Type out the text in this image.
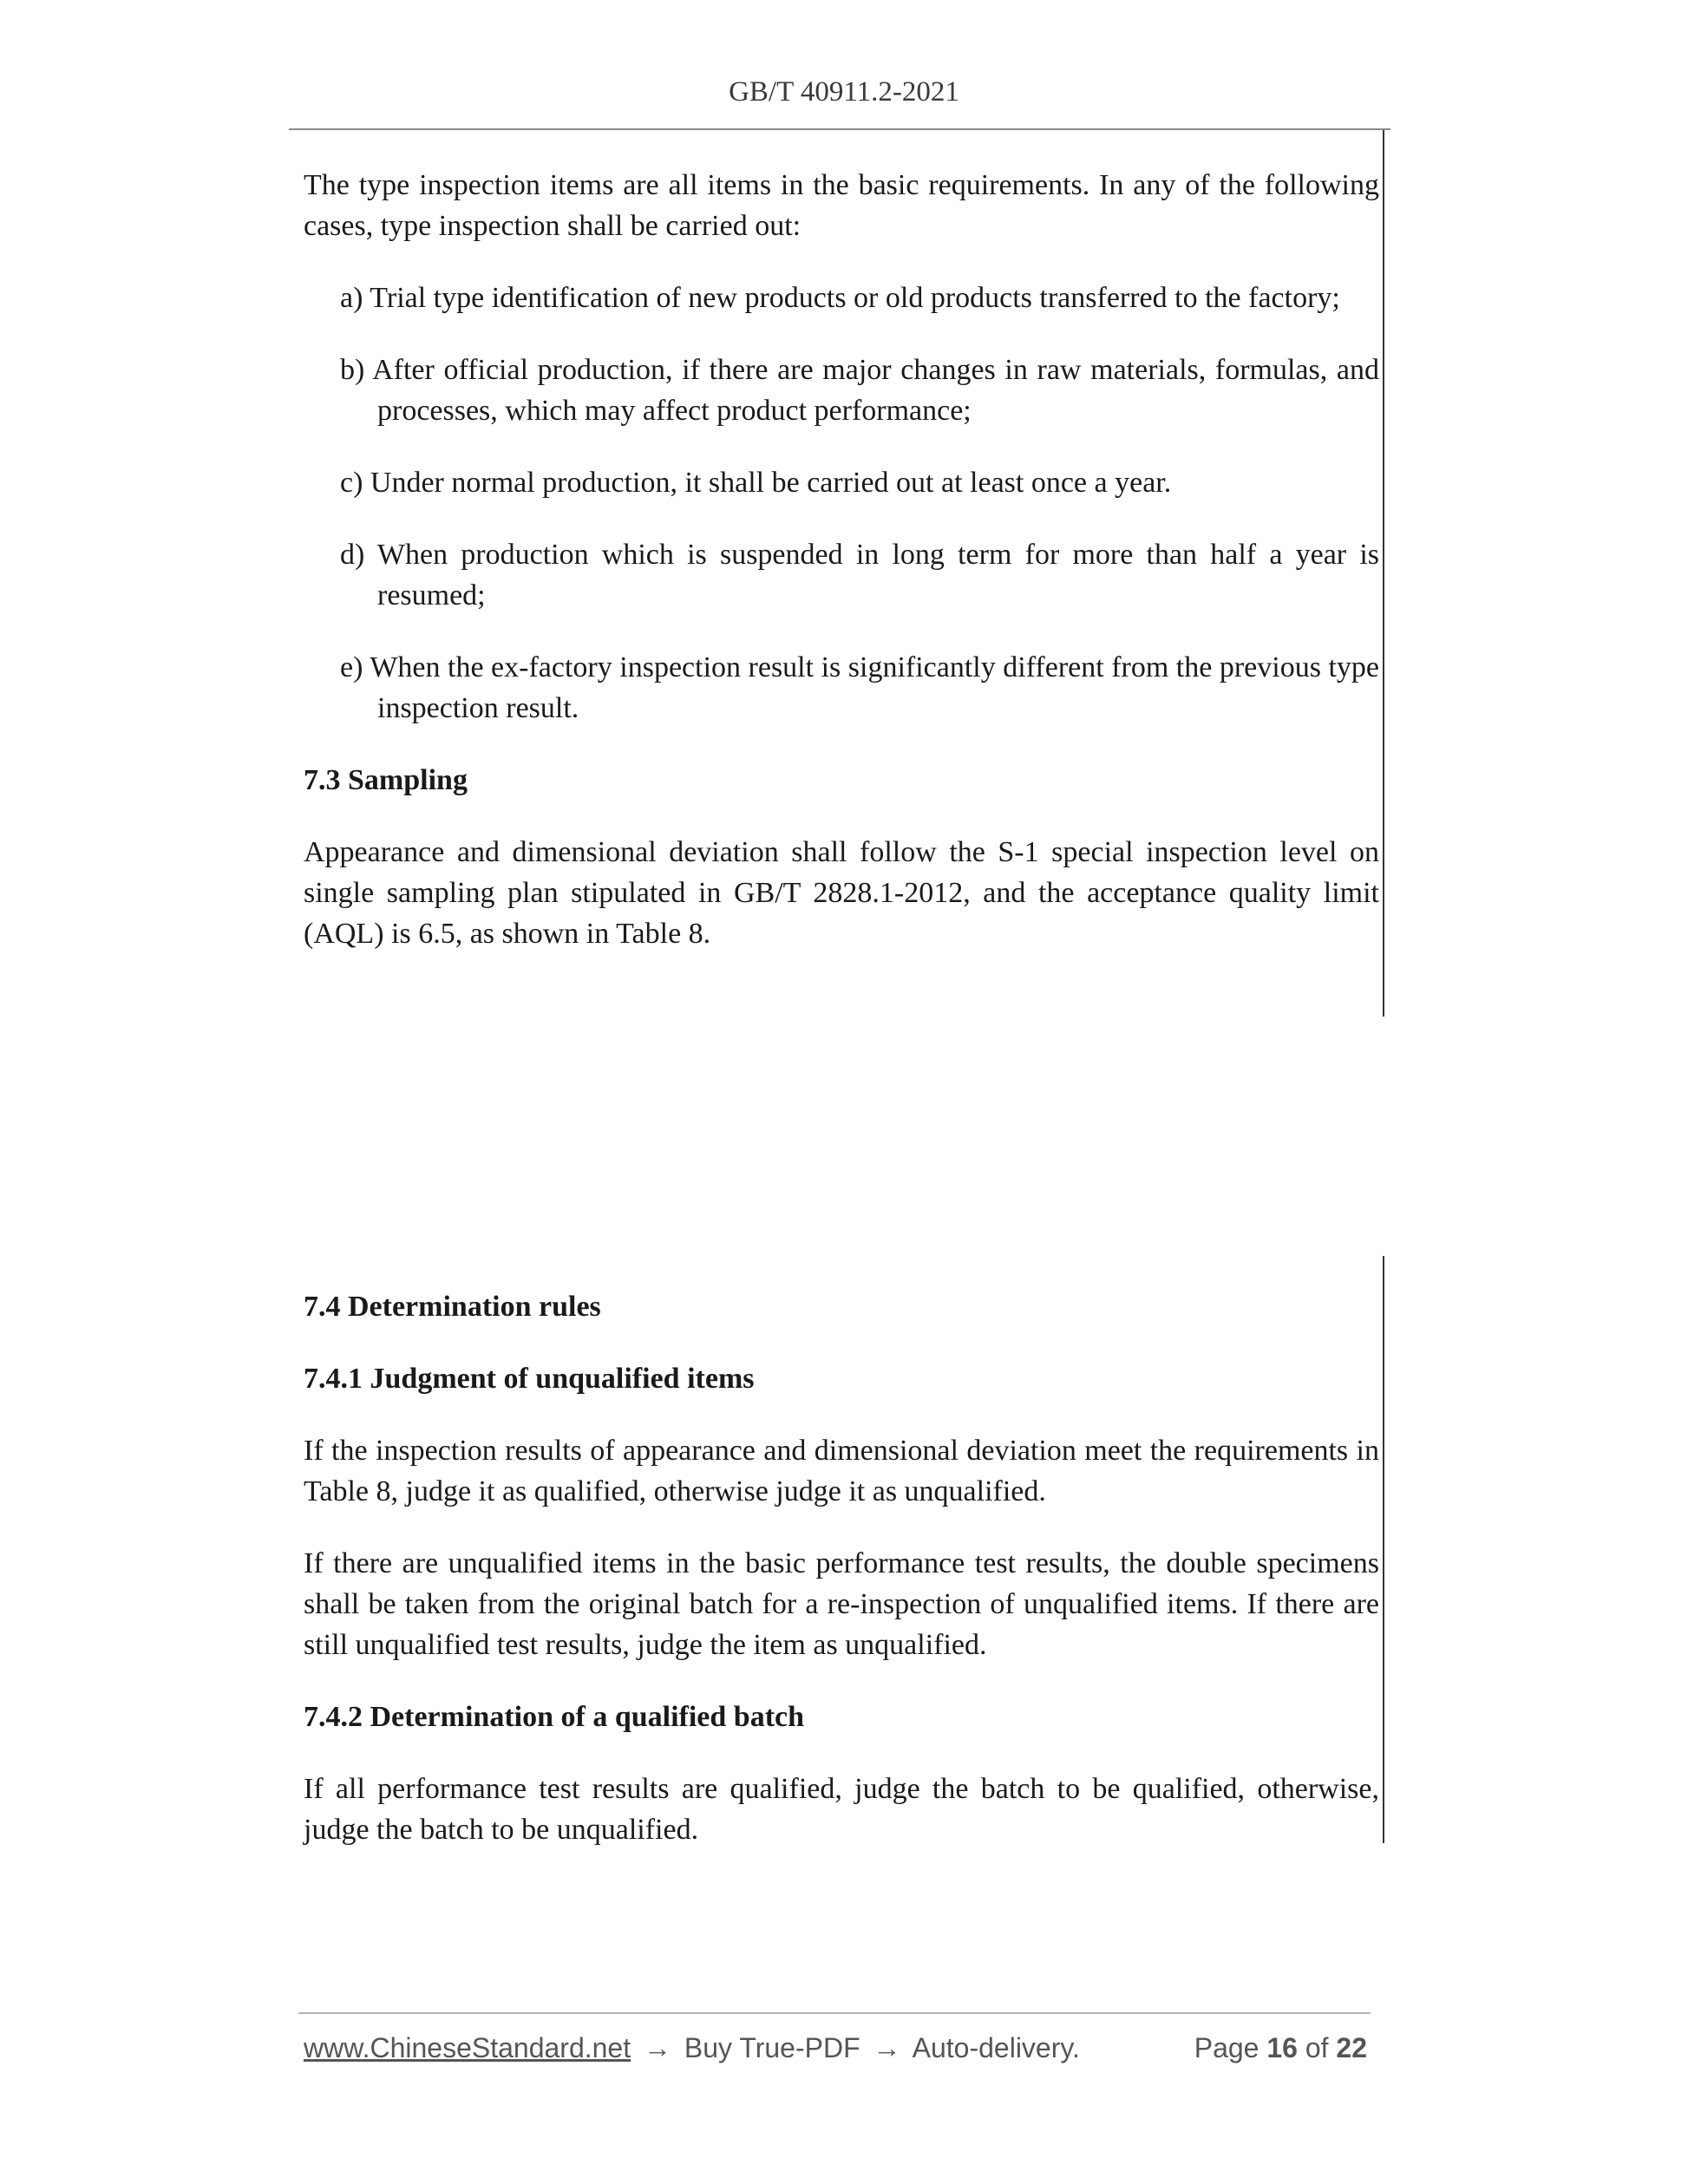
GB/T 40911.2-2021

The type inspection items are all items in the basic requirements. In any of the following cases, type inspection shall be carried out:

a) Trial type identification of new products or old products transferred to the factory;

b) After official production, if there are major changes in raw materials, formulas, and processes, which may affect product performance;

c) Under normal production, it shall be carried out at least once a year.

d) When production which is suspended in long term for more than half a year is resumed;

e) When the ex-factory inspection result is significantly different from the previous type inspection result.

7.3 Sampling

Appearance and dimensional deviation shall follow the S-1 special inspection level on single sampling plan stipulated in GB/T 2828.1-2012, and the acceptance quality limit (AQL) is 6.5, as shown in Table 8.

7.4 Determination rules

7.4.1 Judgment of unqualified items

If the inspection results of appearance and dimensional deviation meet the requirements in Table 8, judge it as qualified, otherwise judge it as unqualified.

If there are unqualified items in the basic performance test results, the double specimens shall be taken from the original batch for a re-inspection of unqualified items. If there are still unqualified test results, judge the item as unqualified.

7.4.2 Determination of a qualified batch

If all performance test results are qualified, judge the batch to be qualified, otherwise, judge the batch to be unqualified.

www.ChineseStandard.net → Buy True-PDF → Auto-delivery.	Page 16 of 22
